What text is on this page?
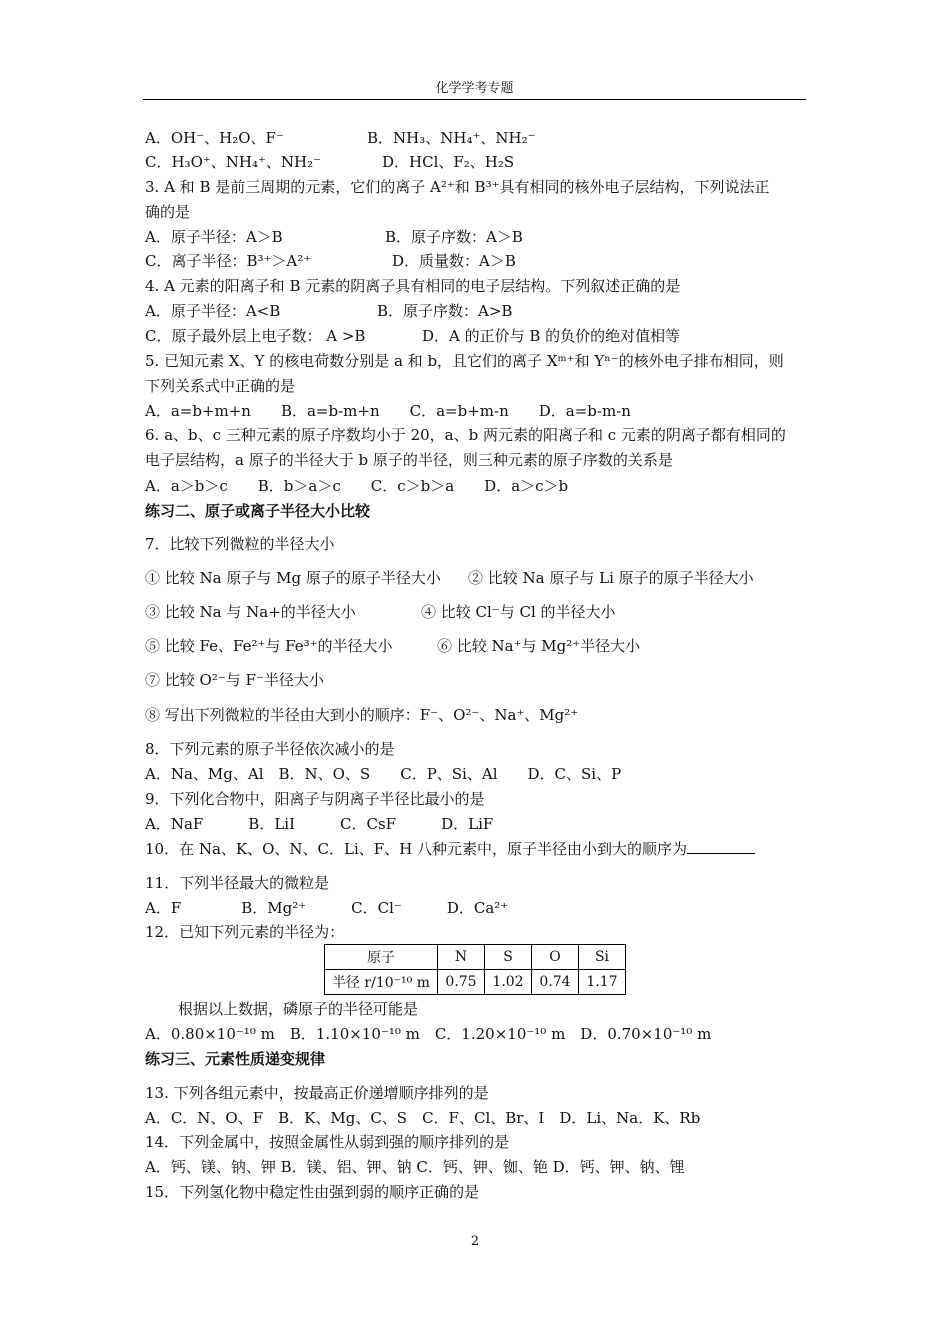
化学学考专题
A．OH⁻、H₂O、F⁻	B．NH₃、NH₄⁺、NH₂⁻
C．H₃O⁺、NH₄⁺、NH₂⁻	D．HCl、F₂、H₂S
3. A 和 B 是前三周期的元素，它们的离子 A²⁺和 B³⁺具有相同的核外电子层结构，下列说法正
确的是
A．原子半径：A＞B	B．原子序数：A＞B
C．离子半径：B³⁺＞A²⁺	D．质量数：A＞B
4. A 元素的阳离子和 B 元素的阴离子具有相同的电子层结构。下列叙述正确的是
A．原子半径：A<B	B．原子序数：A>B
C．原子最外层上电子数： A >B	D．A 的正价与 B 的负价的绝对值相等
5. 已知元素 X、Y 的核电荷数分别是 a 和 b，且它们的离子 Xᵐ⁺和 Yⁿ⁻的核外电子排布相同，则
下列关系式中正确的是
A．a=b+m+n　　B．a=b-m+n　　C．a=b+m-n　　D．a=b-m-n
6. a、b、c 三种元素的原子序数均小于 20，a、b 两元素的阳离子和 c 元素的阴离子都有相同的
电子层结构，a 原子的半径大于 b 原子的半径，则三种元素的原子序数的关系是
A．a＞b＞c　　B．b＞a＞c　　C．c＞b＞a　　D．a＞c＞b
练习二、原子或离子半径大小比较
7．比较下列微粒的半径大小
① 比较 Na 原子与 Mg 原子的原子半径大小 ② 比较 Na 原子与 Li 原子的原子半径大小
③ 比较 Na 与 Na+的半径大小	④ 比较 Cl⁻与 Cl 的半径大小
⑤ 比较 Fe、Fe²⁺与 Fe³⁺的半径大小	⑥ 比较 Na⁺与 Mg²⁺半径大小
⑦ 比较 O²⁻与 F⁻半径大小
⑧ 写出下列微粒的半径由大到小的顺序：F⁻、O²⁻、Na⁺、Mg²⁺
8．下列元素的原子半径依次减小的是
A．Na、Mg、Al　B．N、O、S　　C．P、Si、Al　　D．C、Si、P
9．下列化合物中，阳离子与阴离子半径比最小的是
A．NaF　　　B．LiI　　　C．CsF　　　D．LiF
10．在 Na、K、O、N、C．Li、F、H 八种元素中，原子半径由小到大的顺序为
11．下列半径最大的微粒是
A．F　　　　B．Mg²⁺　　　C．Cl⁻　　　D．Ca²⁺
12．已知下列元素的半径为：
原子	N	S	O	Si
半径 r/10⁻¹⁰ m	0.75	1.02	0.74	1.17
根据以上数据，磷原子的半径可能是
A．0.80×10⁻¹⁰ m　B．1.10×10⁻¹⁰ m　C．1.20×10⁻¹⁰ m　D．0.70×10⁻¹⁰ m
练习三、元素性质递变规律
13. 下列各组元素中，按最高正价递增顺序排列的是
A．C．N、O、F　B．K、Mg、C、S　C．F、Cl、Br、I　D．Li、Na．K、Rb
14．下列金属中，按照金属性从弱到强的顺序排列的是
A．钙、镁、钠、钾 B．镁、铝、钾、钠 C．钙、钾、铷、铯 D．钙、钾、钠、锂
15．下列氢化物中稳定性由强到弱的顺序正确的是
2
